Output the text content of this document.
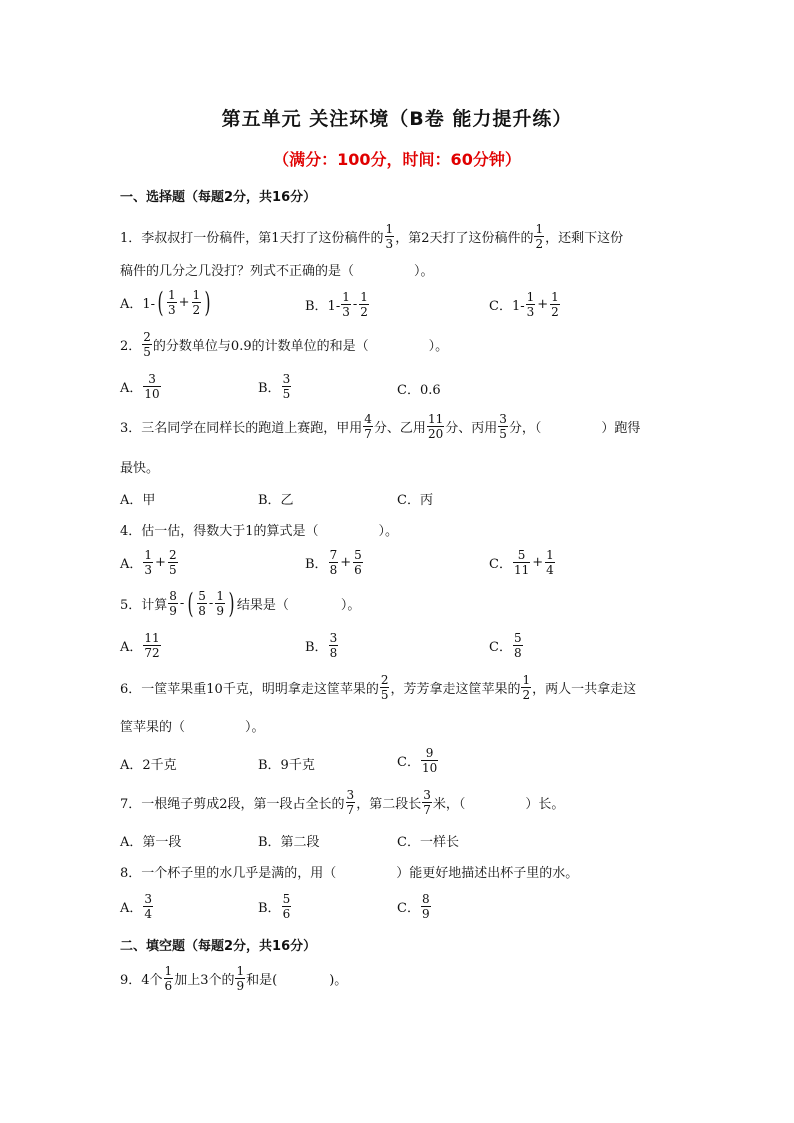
第五单元 关注环境（B卷 能力提升练）
（满分：100分，时间：60分钟）
一、选择题（每题2分，共16分）
1．李叔叔打一份稿件，第1天打了这份稿件的 $\frac{1}{3}$ ，第2天打了这份稿件的 $\frac{1}{2}$ ，还剩下这份
稿件的几分之几没打？列式不正确的是（	）。
A．1- ( $\frac{1}{3} + \frac{1}{2}$ )	B．$1- \frac{1}{3} - \frac{1}{2}$	C．$1- \frac{1}{3} + \frac{1}{2}$
2． $\frac{2}{5}$ 的分数单位与0.9的计数单位的和是（	）。
A． $\frac{3}{10}$	B． $\frac{3}{5}$	C．0.6
3．三名同学在同样长的跑道上赛跑，甲用 $\frac{4}{7}$ 分、乙用 $\frac{11}{20}$ 分、丙用 $\frac{3}{5}$ 分，（	）跑得
最快。
A．甲	B．乙	C．丙
4．估一估，得数大于1的算式是（	）。
A． $\frac{1}{3} + \frac{2}{5}$	B． $\frac{7}{8} + \frac{5}{6}$	C． $\frac{5}{11} + \frac{1}{4}$
5．计算 $\frac{8}{9}$ - ( $\frac{5}{8} - \frac{1}{9}$ ) 结果是（	）。
A． $\frac{11}{72}$	B． $\frac{3}{8}$	C． $\frac{5}{8}$
6．一筐苹果重10千克，明明拿走这筐苹果的 $\frac{2}{5}$ ，芳芳拿走这筐苹果的 $\frac{1}{2}$ ，两人一共拿走这
筐苹果的（	）。
A．2千克	B．9千克	C． $\frac{9}{10}$
7．一根绳子剪成2段，第一段占全长的 $\frac{3}{7}$ ，第二段长 $\frac{3}{7}$ 米，（	）长。
A．第一段	B．第二段	C．一样长
8．一个杯子里的水几乎是满的，用（	）能更好地描述出杯子里的水。
A． $\frac{3}{4}$	B． $\frac{5}{6}$	C． $\frac{8}{9}$
二、填空题（每题2分，共16分）
9．4个 $\frac{1}{6}$ 加上3个的 $\frac{1}{9}$ 和是(	)。
